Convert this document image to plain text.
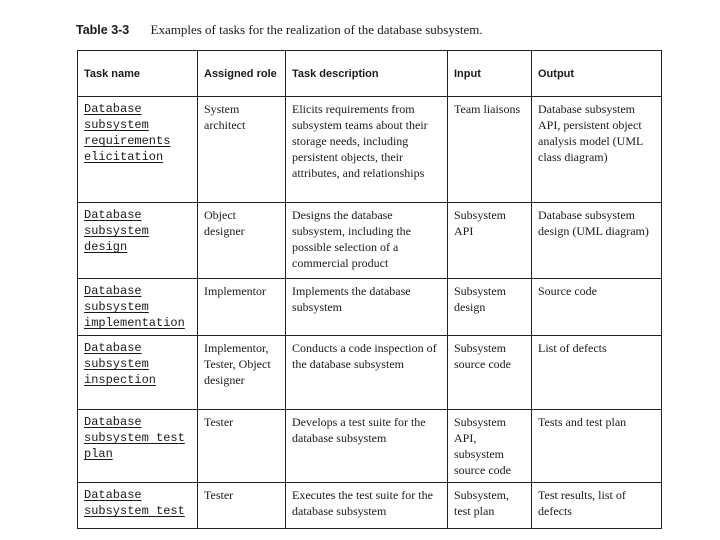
Table 3-3 Examples of tasks for the realization of the database subsystem.
Task name	Assigned role	Task description	Input	Output
Database subsystem requirements elicitation	System architect	Elicits requirements from subsystem teams about their storage needs, including persistent objects, their attributes, and relationships	Team liaisons	Database subsystem API, persistent object analysis model (UML class diagram)
Database subsystem design	Object designer	Designs the database subsystem, including the possible selection of a commercial product	Subsystem API	Database subsystem design (UML diagram)
Database subsystem implementation	Implementor	Implements the database subsystem	Subsystem design	Source code
Database subsystem inspection	Implementor, Tester, Object designer	Conducts a code inspection of the database subsystem	Subsystem source code	List of defects
Database subsystem test plan	Tester	Develops a test suite for the database subsystem	Subsystem API, subsystem source code	Tests and test plan
Database subsystem test	Tester	Executes the test suite for the database subsystem	Subsystem, test plan	Test results, list of defects
